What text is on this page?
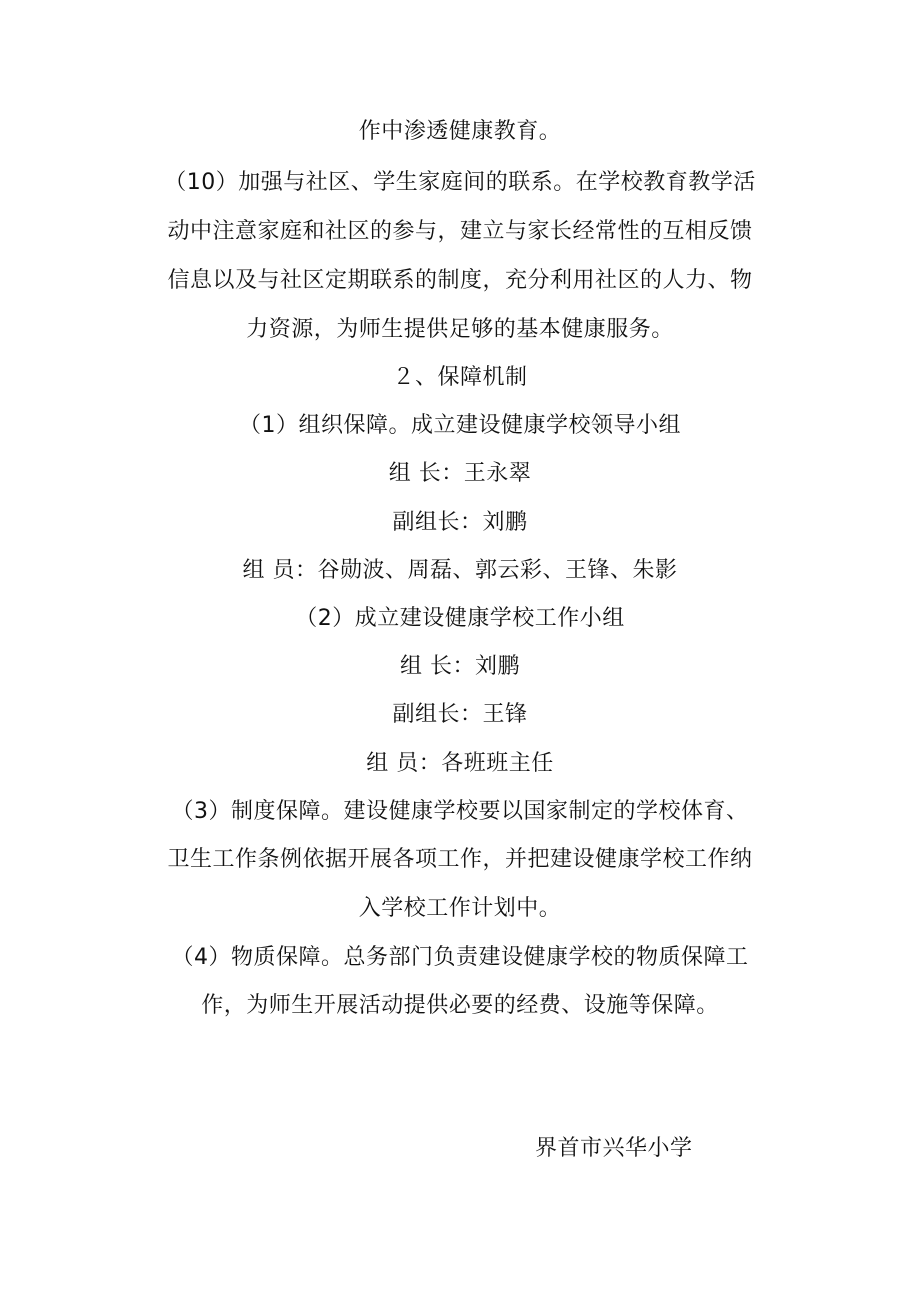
作中渗透健康教育。
（10）加强与社区、学生家庭间的联系。在学校教育教学活
动中注意家庭和社区的参与，建立与家长经常性的互相反馈
信息以及与社区定期联系的制度，充分利用社区的人力、物
力资源，为师生提供足够的基本健康服务。
２、保障机制
（1）组织保障。成立建设健康学校领导小组
组 长：王永翠
副组长：刘鹏
组 员：谷勋波、周磊、郭云彩、王锋、朱影
（2）成立建设健康学校工作小组
组 长：刘鹏
副组长：王锋
组 员：各班班主任
（3）制度保障。建设健康学校要以国家制定的学校体育、
卫生工作条例依据开展各项工作，并把建设健康学校工作纳
入学校工作计划中。
（4）物质保障。总务部门负责建设健康学校的物质保障工
作，为师生开展活动提供必要的经费、设施等保障。
界首市兴华小学
